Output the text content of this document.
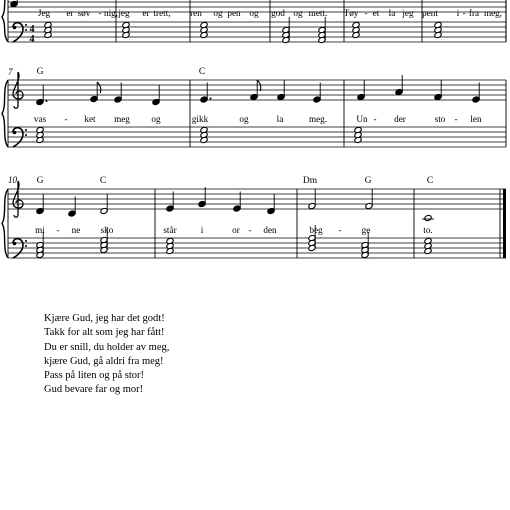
4
4
Jeg er søv - nig, jeg er trett, ren og pen og god og mett. Tøy - et la jeg pent i - fra meg,
7	G	C
vas - ket meg og	gikk	og	la	meg.	Un - der	sto - len
10 G	C	Dm	G	C
mi - ne sko	står	i	or - den	beg - ge	to.
Kjære Gud, jeg har det godt!
Takk for alt som jeg har fått!
Du er snill, du holder av meg,
kjære Gud, gå aldri fra meg!
Pass på liten og på stor!
Gud bevare far og mor!
